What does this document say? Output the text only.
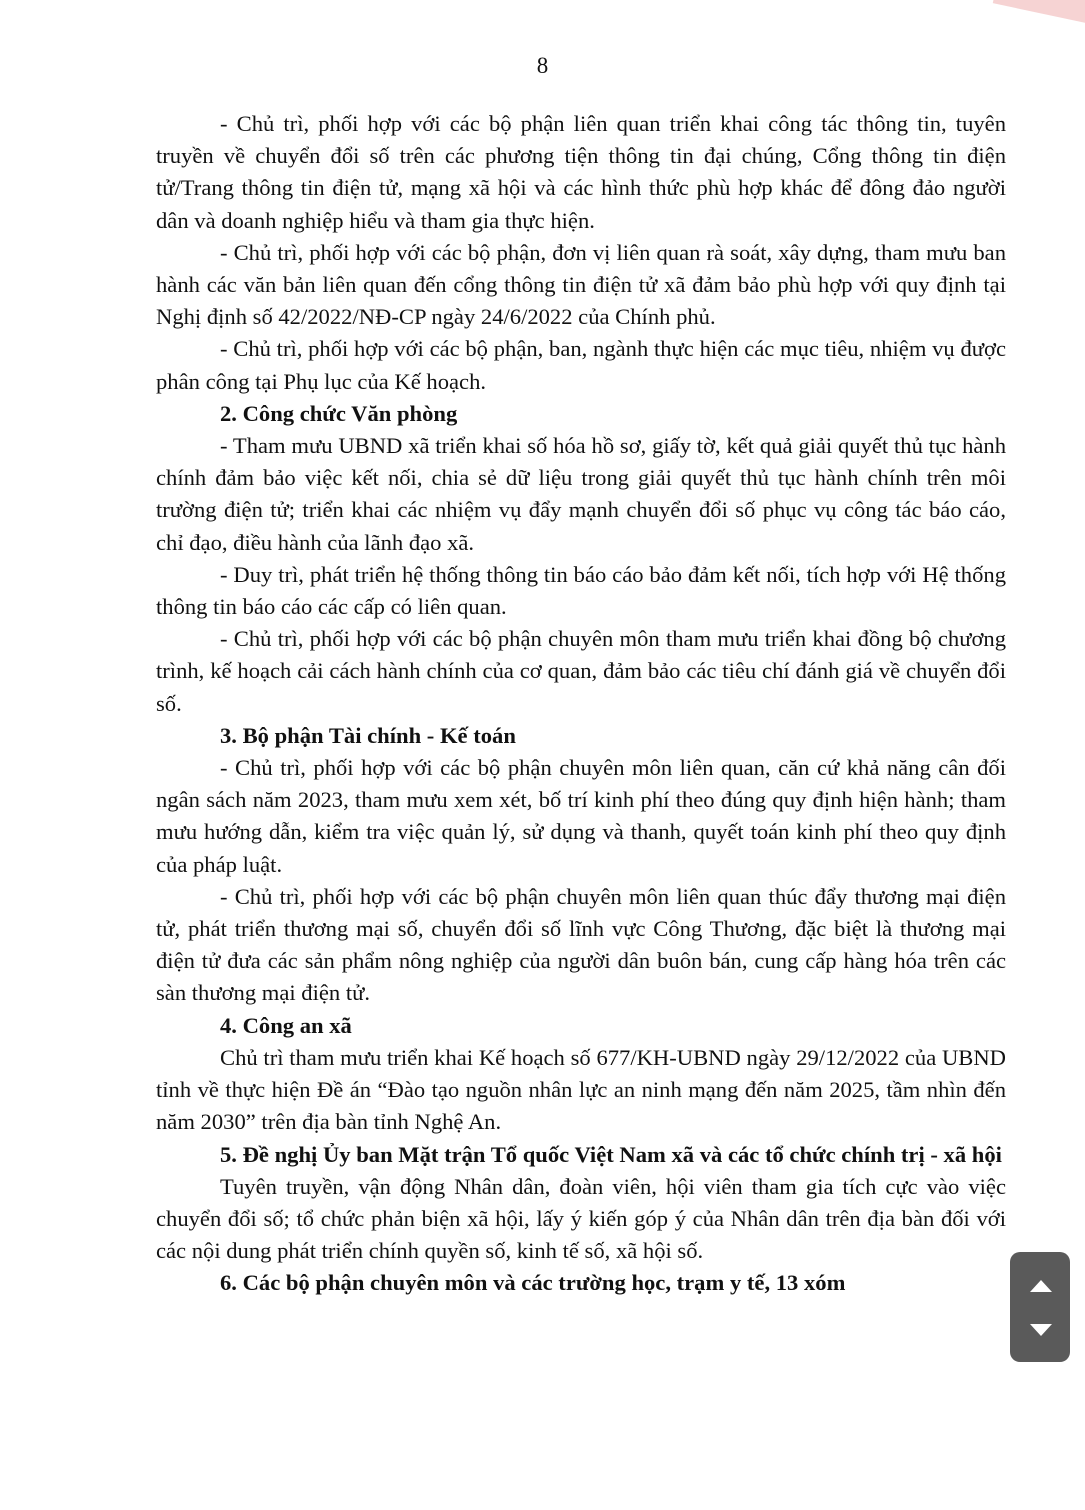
8

- Chủ trì, phối hợp với các bộ phận liên quan triển khai công tác thông tin, tuyên truyền về chuyển đổi số trên các phương tiện thông tin đại chúng, Cổng thông tin điện tử/Trang thông tin điện tử, mạng xã hội và các hình thức phù hợp khác để đông đảo người dân và doanh nghiệp hiểu và tham gia thực hiện.

- Chủ trì, phối hợp với các bộ phận, đơn vị liên quan rà soát, xây dựng, tham mưu ban hành các văn bản liên quan đến cổng thông tin điện tử xã đảm bảo phù hợp với quy định tại Nghị định số 42/2022/NĐ-CP ngày 24/6/2022 của Chính phủ.

- Chủ trì, phối hợp với các bộ phận, ban, ngành thực hiện các mục tiêu, nhiệm vụ được phân công tại Phụ lục của Kế hoạch.

2. Công chức Văn phòng

- Tham mưu UBND xã triển khai số hóa hồ sơ, giấy tờ, kết quả giải quyết thủ tục hành chính đảm bảo việc kết nối, chia sẻ dữ liệu trong giải quyết thủ tục hành chính trên môi trường điện tử; triển khai các nhiệm vụ đẩy mạnh chuyển đổi số phục vụ công tác báo cáo, chỉ đạo, điều hành của lãnh đạo xã.

- Duy trì, phát triển hệ thống thông tin báo cáo bảo đảm kết nối, tích hợp với Hệ thống thông tin báo cáo các cấp có liên quan.

- Chủ trì, phối hợp với các bộ phận chuyên môn tham mưu triển khai đồng bộ chương trình, kế hoạch cải cách hành chính của cơ quan, đảm bảo các tiêu chí đánh giá về chuyển đổi số.

3. Bộ phận Tài chính - Kế toán

- Chủ trì, phối hợp với các bộ phận chuyên môn liên quan, căn cứ khả năng cân đối ngân sách năm 2023, tham mưu xem xét, bố trí kinh phí theo đúng quy định hiện hành; tham mưu hướng dẫn, kiểm tra việc quản lý, sử dụng và thanh, quyết toán kinh phí theo quy định của pháp luật.

- Chủ trì, phối hợp với các bộ phận chuyên môn liên quan thúc đẩy thương mại điện tử, phát triển thương mại số, chuyển đổi số lĩnh vực Công Thương, đặc biệt là thương mại điện tử đưa các sản phẩm nông nghiệp của người dân buôn bán, cung cấp hàng hóa trên các sàn thương mại điện tử.

4. Công an xã

Chủ trì tham mưu triển khai Kế hoạch số 677/KH-UBND ngày 29/12/2022 của UBND tỉnh về thực hiện Đề án “Đào tạo nguồn nhân lực an ninh mạng đến năm 2025, tầm nhìn đến năm 2030” trên địa bàn tỉnh Nghệ An.

5. Đề nghị Ủy ban Mặt trận Tổ quốc Việt Nam xã và các tổ chức chính trị - xã hội

Tuyên truyền, vận động Nhân dân, đoàn viên, hội viên tham gia tích cực vào việc chuyển đổi số; tổ chức phản biện xã hội, lấy ý kiến góp ý của Nhân dân trên địa bàn đối với các nội dung phát triển chính quyền số, kinh tế số, xã hội số.

6. Các bộ phận chuyên môn và các trường học, trạm y tế, 13 xóm
